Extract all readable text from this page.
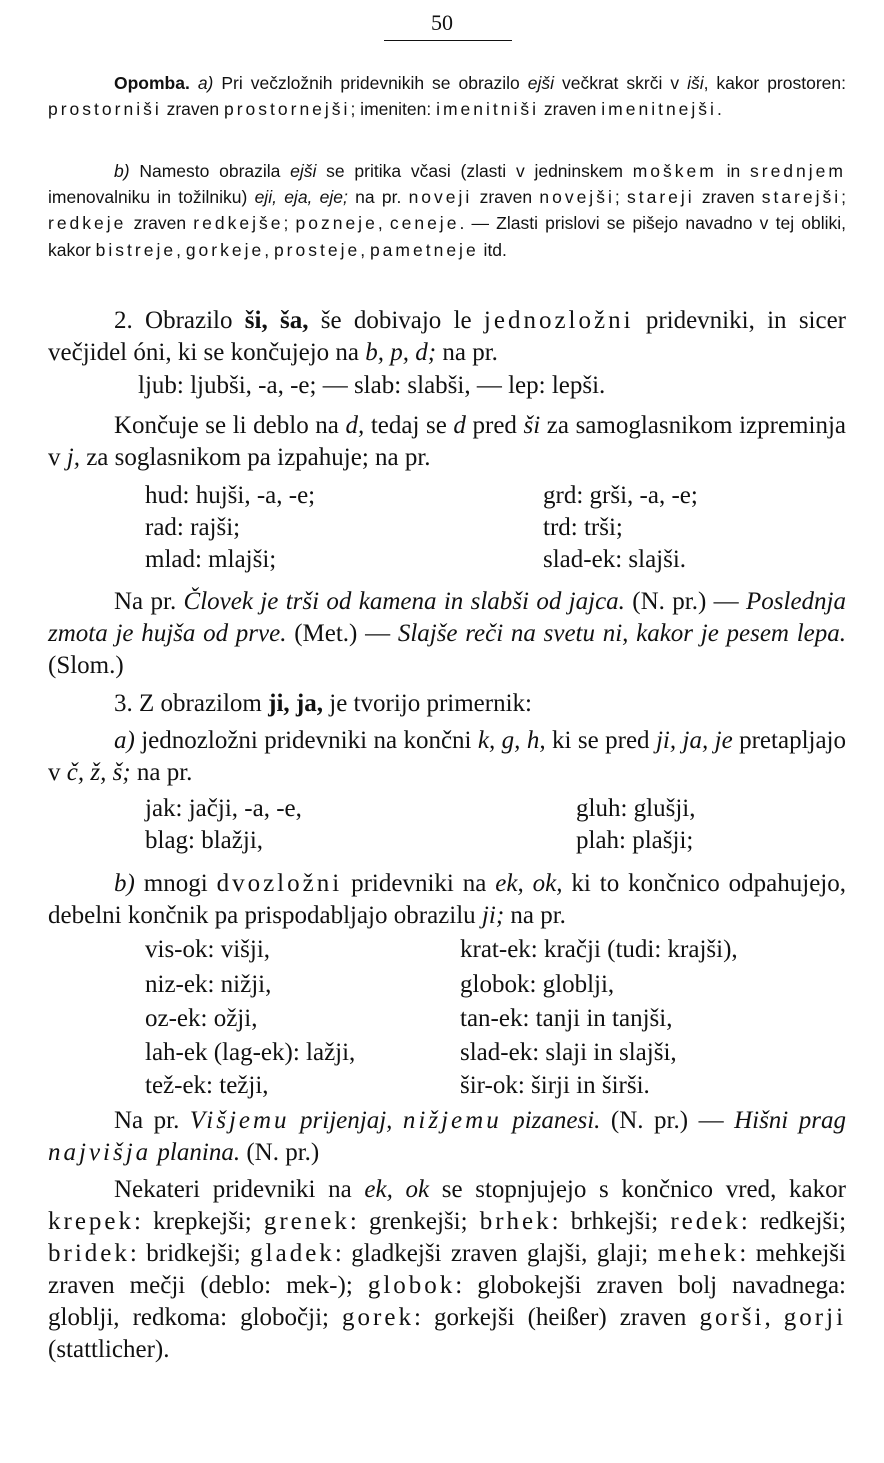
50
Opomba. a) Pri večzložnih pridevnikih se obrazilo ejši večkrat skrči v iši, kakor prostoren: prostorniši zraven prostornejši; imeniten: imenitniši zraven imenitnejši.
b) Namesto obrazila ejši se pritika včasi (zlasti v jedninskem moškem in srednjem imenovalniku in tožilniku) eji, eja, eje; na pr. noveji zraven novejši; stareji zraven starejši; redkeje zraven redkejše; pozneje, ceneje. — Zlasti prislovi se pišejo navadno v tej obliki, kakor bistreje, gorkeje, prosteje, pametneje itd.
2. Obrazilo ši, ša, še dobivajo le jednozložni pridevniki, in sicer večjidel óni, ki se končujejo na b, p, d; na pr.
ljub: ljubši, -a, -e; — slab: slabši, — lep: lepši.
Končuje se li deblo na d, tedaj se d pred ši za samoglasnikom izpreminja v j, za soglasnikom pa izpahuje; na pr.
hud: hujši, -a, -e;	grd: grši, -a, -e;
rad: rajši;	trd: trši;
mlad: mlajši;	slad-ek: slajši.
Na pr. Človek je trši od kamena in slabši od jajca. (N. pr.) — Poslednja zmota je hujša od prve. (Met.) — Slajše reči na svetu ni, kakor je pesem lepa. (Slom.)
3. Z obrazilom ji, ja, je tvorijo primernik:
a) jednozložni pridevniki na končni k, g, h, ki se pred ji, ja, je pretapljajo v č, ž, š; na pr.
jak: jačji, -a, -e,	gluh: glušji,
blag: blažji,	plah: plašji;
b) mnogi dvozložni pridevniki na ek, ok, ki to končnico odpahujejo, debelni končnik pa prispodabljajo obrazilu ji; na pr.
vis-ok: višji,	krat-ek: kračji (tudi: krajši),
niz-ek: nižji,	globok: globlji,
oz-ek: ožji,	tan-ek: tanji in tanjši,
lah-ek (lag-ek): lažji,	slad-ek: slaji in slajši,
tež-ek: težji,	šir-ok: širji in širši.
Na pr. Višjemu prijenjaj, nižjemu pizanesi. (N. pr.) — Hišni prag najvišja planina. (N. pr.)
Nekateri pridevniki na ek, ok se stopnjujejo s končnico vred, kakor krepek: krepkejši; grenek: grenkejši; brhek: brhkejši; redek: redkejši; bridek: bridkejši; gladek: gladkejši zraven glajši, glaji; mehek: mehkejši zraven mečji (deblo: mek-); globok: globokejši zraven bolj navadnega: globlji, redkoma: globočji; gorek: gorkejši (heißer) zraven gorši, gorji (stattlicher).
